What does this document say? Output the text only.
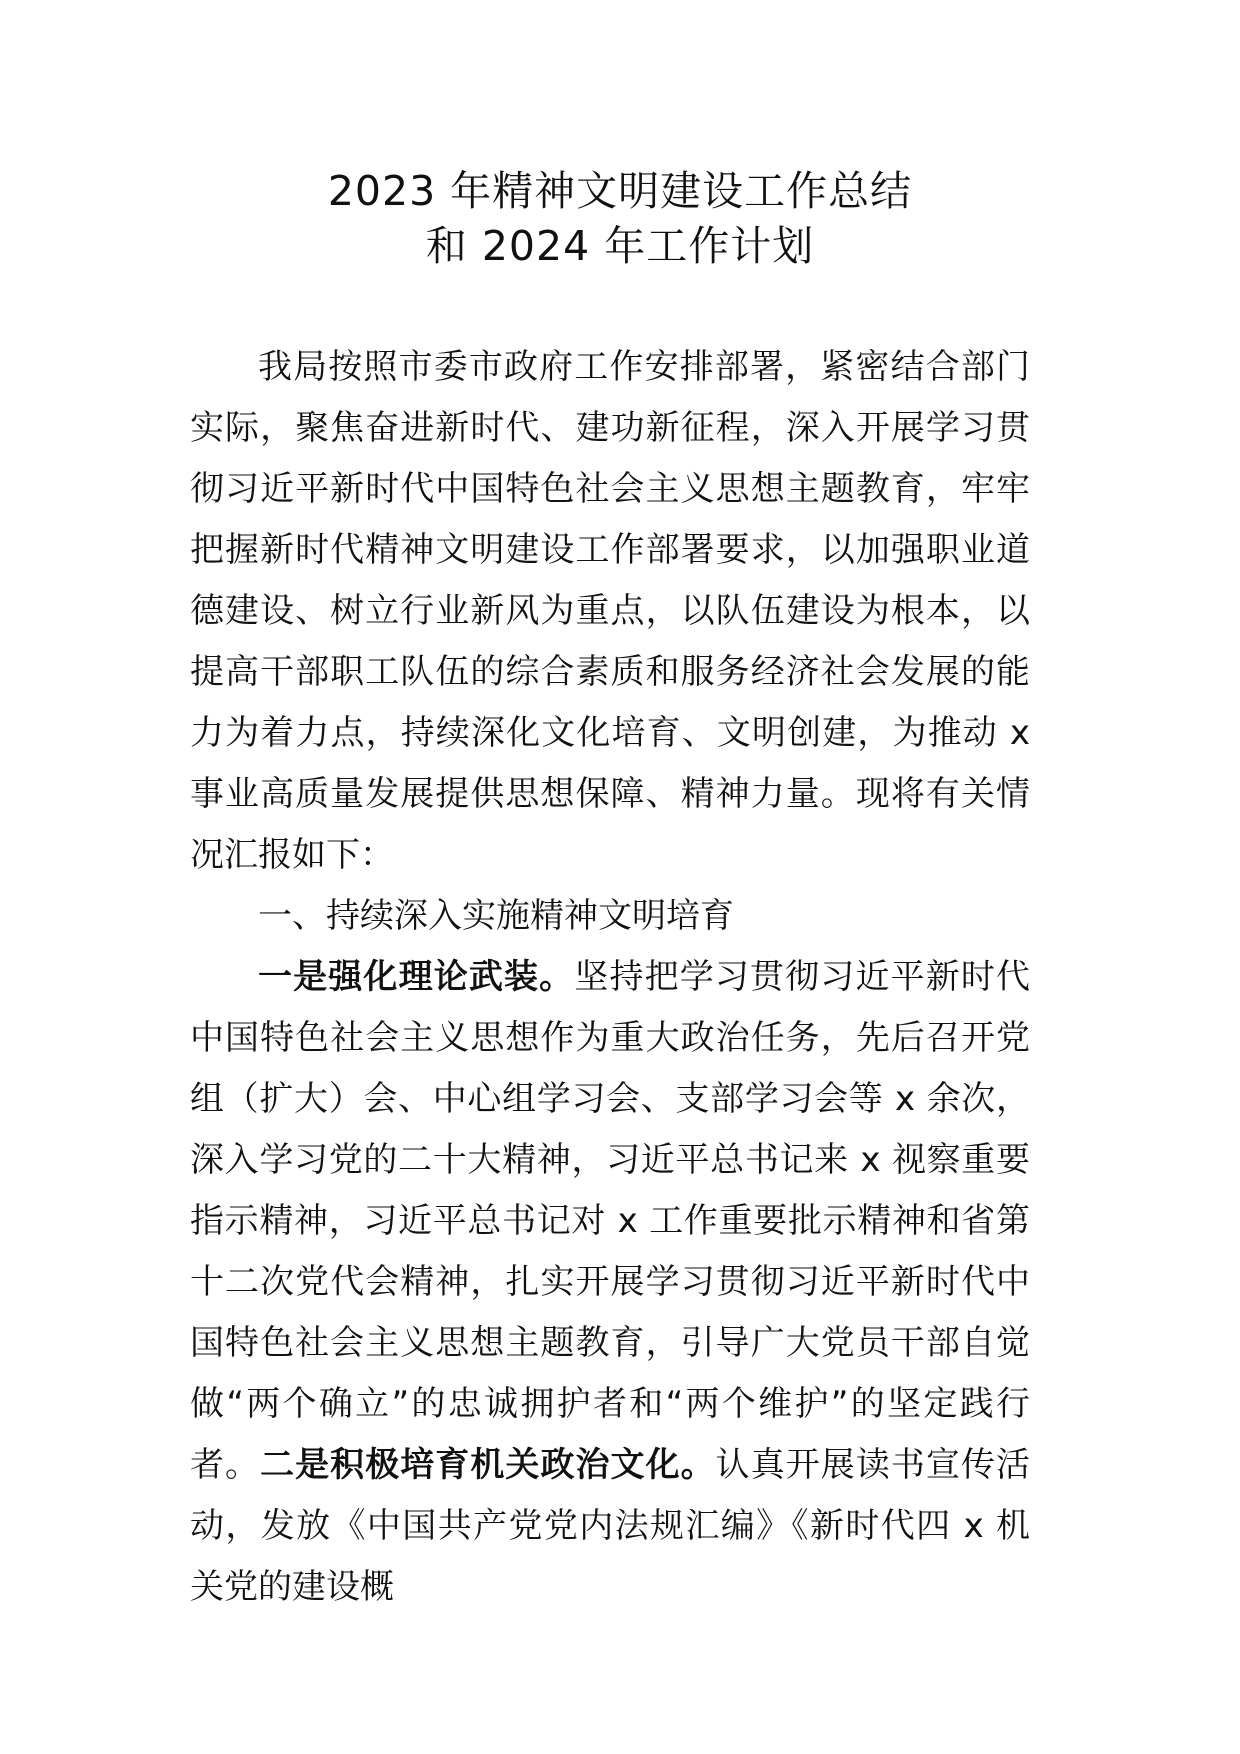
2023 年精神文明建设工作总结
和 2024 年工作计划

我局按照市委市政府工作安排部署，紧密结合部门实际，聚焦奋进新时代、建功新征程，深入开展学习贯彻习近平新时代中国特色社会主义思想主题教育，牢牢把握新时代精神文明建设工作部署要求，以加强职业道德建设、树立行业新风为重点，以队伍建设为根本，以提高干部职工队伍的综合素质和服务经济社会发展的能力为着力点，持续深化文化培育、文明创建，为推动 x 事业高质量发展提供思想保障、精神力量。现将有关情况汇报如下：

一、持续深入实施精神文明培育

一是强化理论武装。坚持把学习贯彻习近平新时代中国特色社会主义思想作为重大政治任务，先后召开党组（扩大）会、中心组学习会、支部学习会等 x 余次，深入学习党的二十大精神，习近平总书记来 x 视察重要指示精神，习近平总书记对 x 工作重要批示精神和省第十二次党代会精神，扎实开展学习贯彻习近平新时代中国特色社会主义思想主题教育，引导广大党员干部自觉做“两个确立”的忠诚拥护者和“两个维护”的坚定践行者。二是积极培育机关政治文化。认真开展读书宣传活动，发放《中国共产党党内法规汇编》《新时代四 x 机关党的建设概
